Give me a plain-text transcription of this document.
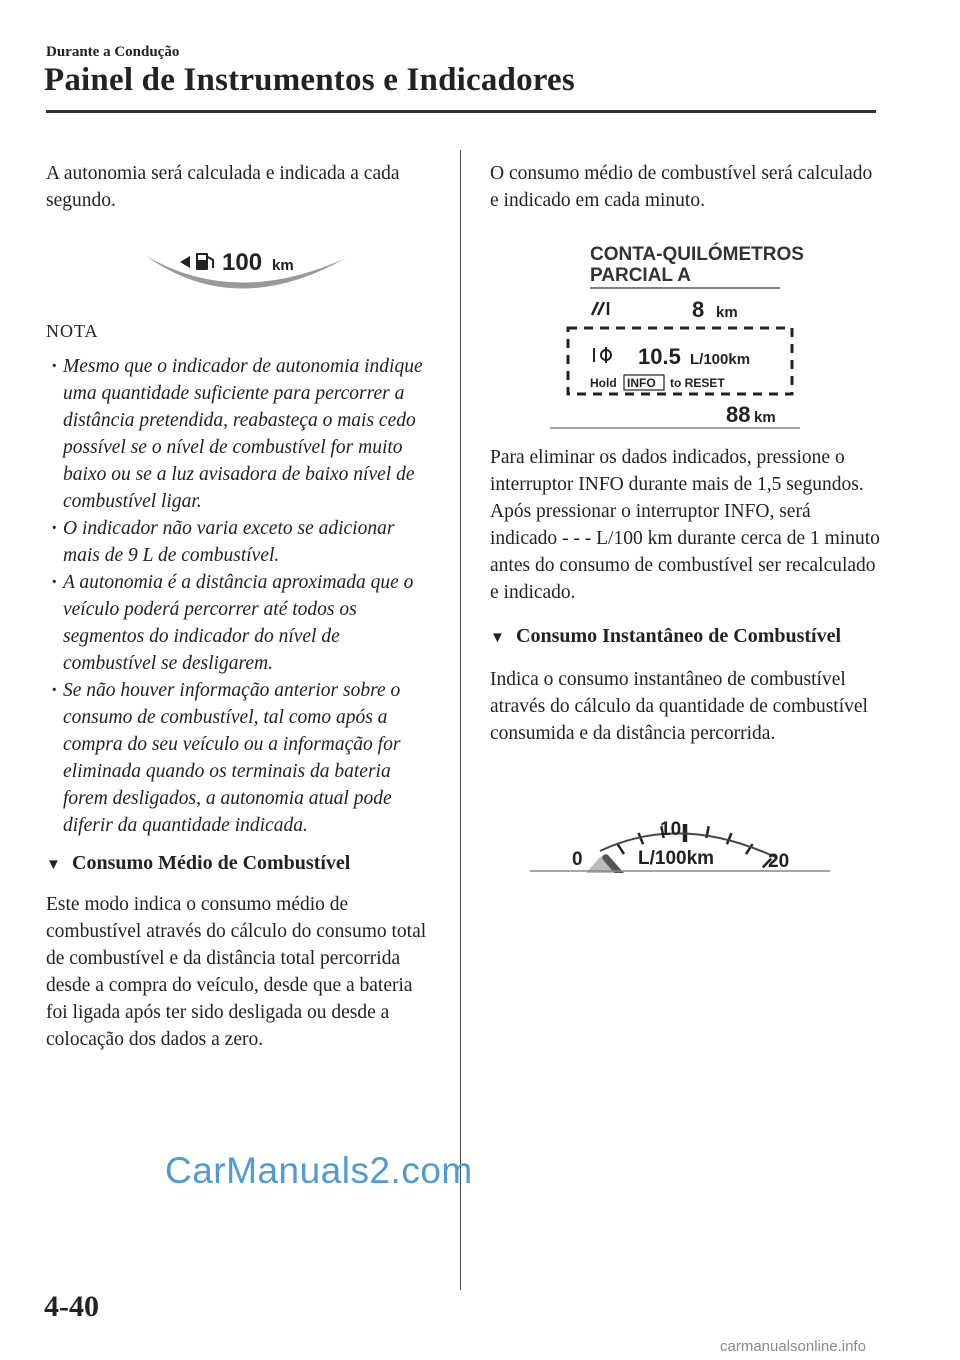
Durante a Condução
Painel de Instrumentos e Indicadores

A autonomia será calculada e indicada a cada segundo.

100 km

NOTA

· Mesmo que o indicador de autonomia indique uma quantidade suficiente para percorrer a distância pretendida, reabasteça o mais cedo possível se o nível de combustível for muito baixo ou se a luz avisadora de baixo nível de combustível ligar.
· O indicador não varia exceto se adicionar mais de 9 L de combustível.
· A autonomia é a distância aproximada que o veículo poderá percorrer até todos os segmentos do indicador do nível de combustível se desligarem.
· Se não houver informação anterior sobre o consumo de combustível, tal como após a compra do seu veículo ou a informação for eliminada quando os terminais da bateria forem desligados, a autonomia atual pode diferir da quantidade indicada.
▼ Consumo Médio de Combustível

Este modo indica o consumo médio de combustível através do cálculo do consumo total de combustível e da distância total percorrida desde a compra do veículo, desde que a bateria foi ligada após ter sido desligada ou desde a colocação dos dados a zero.

O consumo médio de combustível será calculado e indicado em cada minuto.

CONTA-QUILÓMETROS
PARCIAL A
8 km
10.5 L/100km
Hold INFO to RESET
88 km

Para eliminar os dados indicados, pressione o interruptor INFO durante mais de 1,5 segundos. Após pressionar o interruptor INFO, será indicado - - - L/100 km durante cerca de 1 minuto antes do consumo de combustível ser recalculado e indicado.

▼ Consumo Instantâneo de Combustível

Indica o consumo instantâneo de combustível através do cálculo da quantidade de combustível consumida e da distância percorrida.

0
10
20
L/100km
CarManuals2.com
4-40
carmanualsonline.info
